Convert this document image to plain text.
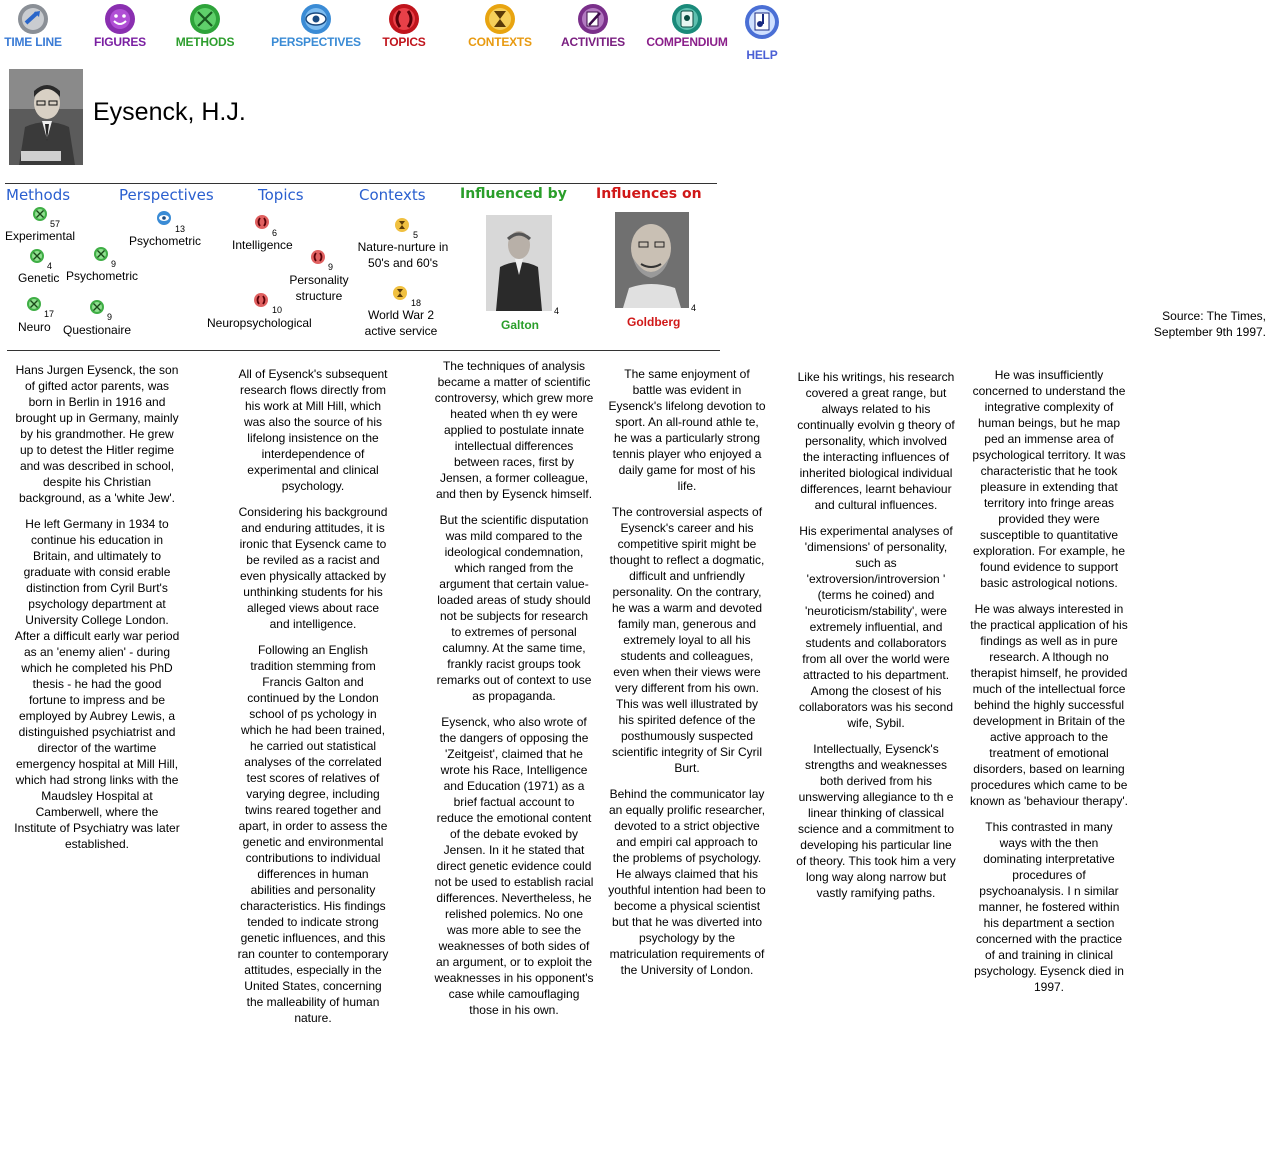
TIME LINE	FIGURES	METHODS	PERSPECTIVES	TOPICS	CONTEXTS ACTIVITIES COMPENDIUM
HELP
Eysenck, H.J.
Methods	Perspectives	Topics	Contexts Influenced by Influences on
57
Experimental
4
Genetic
9
Psychometric
17
Neuro
9
Questionaire
13
Psychometric
6
Intelligence
9
Personality
structure
10
Neuropsychological
5
Nature-nurture in
50's and 60's
18
World War 2
active service
4
Galton
4
Goldberg	Source: The Times,
September 9th 1997.

Hans Jurgen Eysenck, the son of gifted actor parents, was born in Berlin in 1916 and brought up in Germany, mainly by his grandmother. He grew up to detest the Hitler regime and was described in school, despite his Christian background, as a 'white Jew'.

He left Germany in 1934 to continue his education in Britain, and ultimately to graduate with consid erable distinction from Cyril Burt's psychology department at University College London. After a difficult early war period as an 'enemy alien' - during which he completed his PhD thesis - he had the good fortune to impress and be employed by Aubrey Lewis, a distinguished psychiatrist and director of the wartime emergency hospital at Mill Hill, which had strong links with the Maudsley Hospital at Camberwell, where the Institute of Psychiatry was later established.

All of Eysenck's subsequent research flows directly from his work at Mill Hill, which was also the source of his lifelong insistence on the interdependence of experimental and clinical psychology.

Considering his background and enduring attitudes, it is ironic that Eysenck came to be reviled as a racist and even physically attacked by unthinking students for his alleged views about race and intelligence.

Following an English tradition stemming from Francis Galton and continued by the London school of ps ychology in which he had been trained, he carried out statistical analyses of the correlated test scores of relatives of varying degree, including twins reared together and apart, in order to assess the genetic and environmental contributions to individual differences in human abilities and personality characteristics. His findings tended to indicate strong genetic influences, and this ran counter to contemporary attitudes, especially in the United States, concerning the malleability of human nature.

The techniques of analysis became a matter of scientific controversy, which grew more heated when th ey were applied to postulate innate intellectual differences between races, first by Jensen, a former colleague, and then by Eysenck himself.

But the scientific disputation was mild compared to the ideological condemnation, which ranged from the argument that certain value-loaded areas of study should not be subjects for research to extremes of personal calumny. At the same time, frankly racist groups took remarks out of context to use as propaganda.

Eysenck, who also wrote of the dangers of opposing the 'Zeitgeist', claimed that he wrote his Race, Intelligence and Education (1971) as a brief factual account to reduce the emotional content of the debate evoked by Jensen. In it he stated that direct genetic evidence could not be used to establish racial differences. Nevertheless, he relished polemics. No one was more able to see the weaknesses of both sides of an argument, or to exploit the weaknesses in his opponent's case while camouflaging those in his own.

The same enjoyment of battle was evident in Eysenck's lifelong devotion to sport. An all-round athle te, he was a particularly strong tennis player who enjoyed a daily game for most of his life.

The controversial aspects of Eysenck's career and his competitive spirit might be thought to reflect a dogmatic, difficult and unfriendly personality. On the contrary, he was a warm and devoted family man, generous and extremely loyal to all his students and colleagues, even when their views were very different from his own. This was well illustrated by his spirited defence of the posthumously suspected scientific integrity of Sir Cyril Burt.

Behind the communicator lay an equally prolific researcher, devoted to a strict objective and empiri cal approach to the problems of psychology. He always claimed that his youthful intention had been to become a physical scientist but that he was diverted into psychology by the matriculation requirements of the University of London.

Like his writings, his research covered a great range, but always related to his continually evolvin g theory of personality, which involved the interacting influences of inherited biological individual differences, learnt behaviour and cultural influences.

His experimental analyses of 'dimensions' of personality, such as 'extroversion/introversion ' (terms he coined) and 'neuroticism/stability', were extremely influential, and students and collaborators from all over the world were attracted to his department. Among the closest of his collaborators was his second wife, Sybil.

Intellectually, Eysenck's strengths and weaknesses both derived from his unswerving allegiance to th e linear thinking of classical science and a commitment to developing his particular line of theory. This took him a very long way along narrow but vastly ramifying paths.

He was insufficiently concerned to understand the integrative complexity of human beings, but he map ped an immense area of psychological territory. It was characteristic that he took pleasure in extending that territory into fringe areas provided they were susceptible to quantitative exploration. For example, he found evidence to support basic astrological notions.

He was always interested in the practical application of his findings as well as in pure research. A lthough no therapist himself, he provided much of the intellectual force behind the highly successful development in Britain of the active approach to the treatment of emotional disorders, based on learning procedures which came to be known as 'behaviour therapy'.

This contrasted in many ways with the then dominating interpretative procedures of psychoanalysis. I n similar manner, he fostered within his department a section concerned with the practice of and training in clinical psychology. Eysenck died in 1997.
